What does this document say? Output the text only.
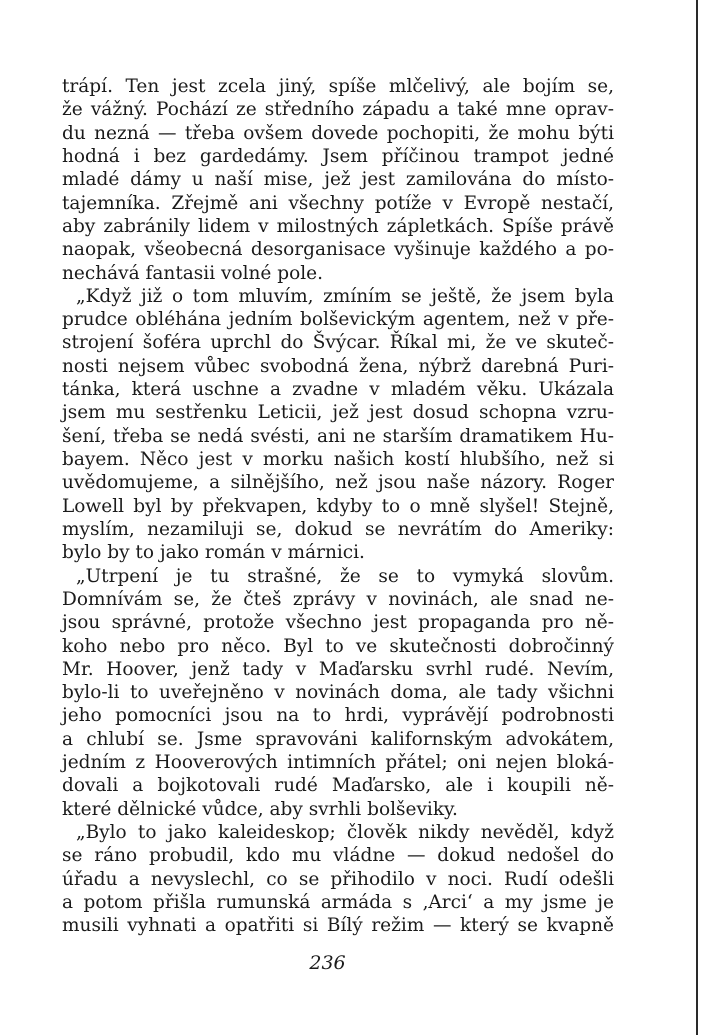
trápí. Ten jest zcela jiný, spíše mlčelivý, ale bojím se,
že vážný. Pochází ze středního západu a také mne oprav-
du nezná — třeba ovšem dovede pochopiti, že mohu býti
hodná i bez gardedámy. Jsem příčinou trampot jedné
mladé dámy u naší mise, jež jest zamilována do místo-
tajemníka. Zřejmě ani všechny potíže v Evropě nestačí,
aby zabránily lidem v milostných zápletkách. Spíše právě
naopak, všeobecná desorganisace vyšinuje každého a po-
nechává fantasii volné pole.
„Když již o tom mluvím, zmíním se ještě, že jsem byla
prudce obléhána jedním bolševickým agentem, než v pře-
strojení šoféra uprchl do Švýcar. Říkal mi, že ve skuteč-
nosti nejsem vůbec svobodná žena, nýbrž darebná Puri-
tánka, která uschne a zvadne v mladém věku. Ukázala
jsem mu sestřenku Leticii, jež jest dosud schopna vzru-
šení, třeba se nedá svésti, ani ne starším dramatikem Hu-
bayem. Něco jest v morku našich kostí hlubšího, než si
uvědomujeme, a silnějšího, než jsou naše názory. Roger
Lowell byl by překvapen, kdyby to o mně slyšel! Stejně,
myslím, nezamiluji se, dokud se nevrátím do Ameriky:
bylo by to jako román v márnici.
„Utrpení je tu strašné, že se to vymyká slovům.
Domnívám se, že čteš zprávy v novinách, ale snad ne-
jsou správné, protože všechno jest propaganda pro ně-
koho nebo pro něco. Byl to ve skutečnosti dobročinný
Mr. Hoover, jenž tady v Maďarsku svrhl rudé. Nevím,
bylo-li to uveřejněno v novinách doma, ale tady všichni
jeho pomocníci jsou na to hrdi, vyprávějí podrobnosti
a chlubí se. Jsme spravováni kalifornským advokátem,
jedním z Hooverových intimních přátel; oni nejen bloká-
dovali a bojkotovali rudé Maďarsko, ale i koupili ně-
které dělnické vůdce, aby svrhli bolševiky.
„Bylo to jako kaleideskop; člověk nikdy nevěděl, když
se ráno probudil, kdo mu vládne — dokud nedošel do
úřadu a nevyslechl, co se přihodilo v noci. Rudí odešli
a potom přišla rumunská armáda s ‚Arci‘ a my jsme je
musili vyhnati a opatřiti si Bílý režim — který se kvapně
236
